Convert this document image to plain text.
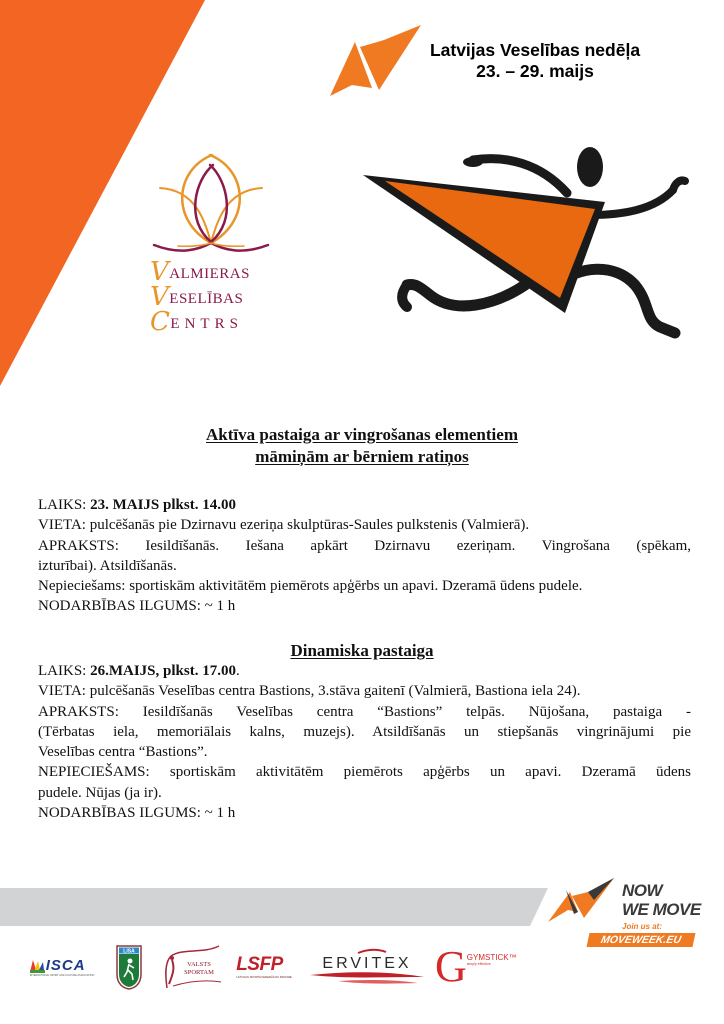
Latvijas Veselības nedēļa
23. – 29. maijs
VALMIERAS
VESELĪBAS
CENTRS
Aktīva pastaiga ar vingrošanas elementiem
māmiņām ar bērniem ratiņos
LAIKS: 23. MAIJS plkst. 14.00
VIETA: pulcēšanās pie Dzirnavu ezeriņa skulptūras-Saules pulkstenis (Valmierā).
APRAKSTS: Iesildīšanās. Iešana apkārt Dzirnavu ezeriņam. Vingrošana (spēkam,
izturībai). Atsildīšanās.
Nepieciešams: sportiskām aktivitātēm piemērots apģērbs un apavi. Dzeramā ūdens pudele.
NODARBĪBAS ILGUMS: ~ 1 h
Dinamiska pastaiga
LAIKS: 26.MAIJS, plkst. 17.00.
VIETA: pulcēšanās Veselības centra Bastions, 3.stāva gaitenī (Valmierā, Bastiona iela 24).
APRAKSTS: Iesildīšanās Veselības centra “Bastions” telpās. Nūjošana, pastaiga -
(Tērbatas iela, memoriālais kalns, muzejs). Atsildīšanās un stiepšanās vingrinājumi pie
Veselības centra “Bastions”.
NEPIECIEŠAMS: sportiskām aktivitātēm piemērots apģērbs un apavi. Dzeramā ūdens
pudele. Nūjas (ja ir).
NODARBĪBAS ILGUMS: ~ 1 h
NOW
WE MOVE
Join us at:
MOVEWEEK.EU
ISCA
INTERNATIONAL SPORT AND CULTURE ASSOCIATION
LISA
VALSTS
SPORTAM LSFP
LATVIJAS SPORTA FEDERĀCIJU PADOME
ERVITEX G GYMSTICK™
simply effective
